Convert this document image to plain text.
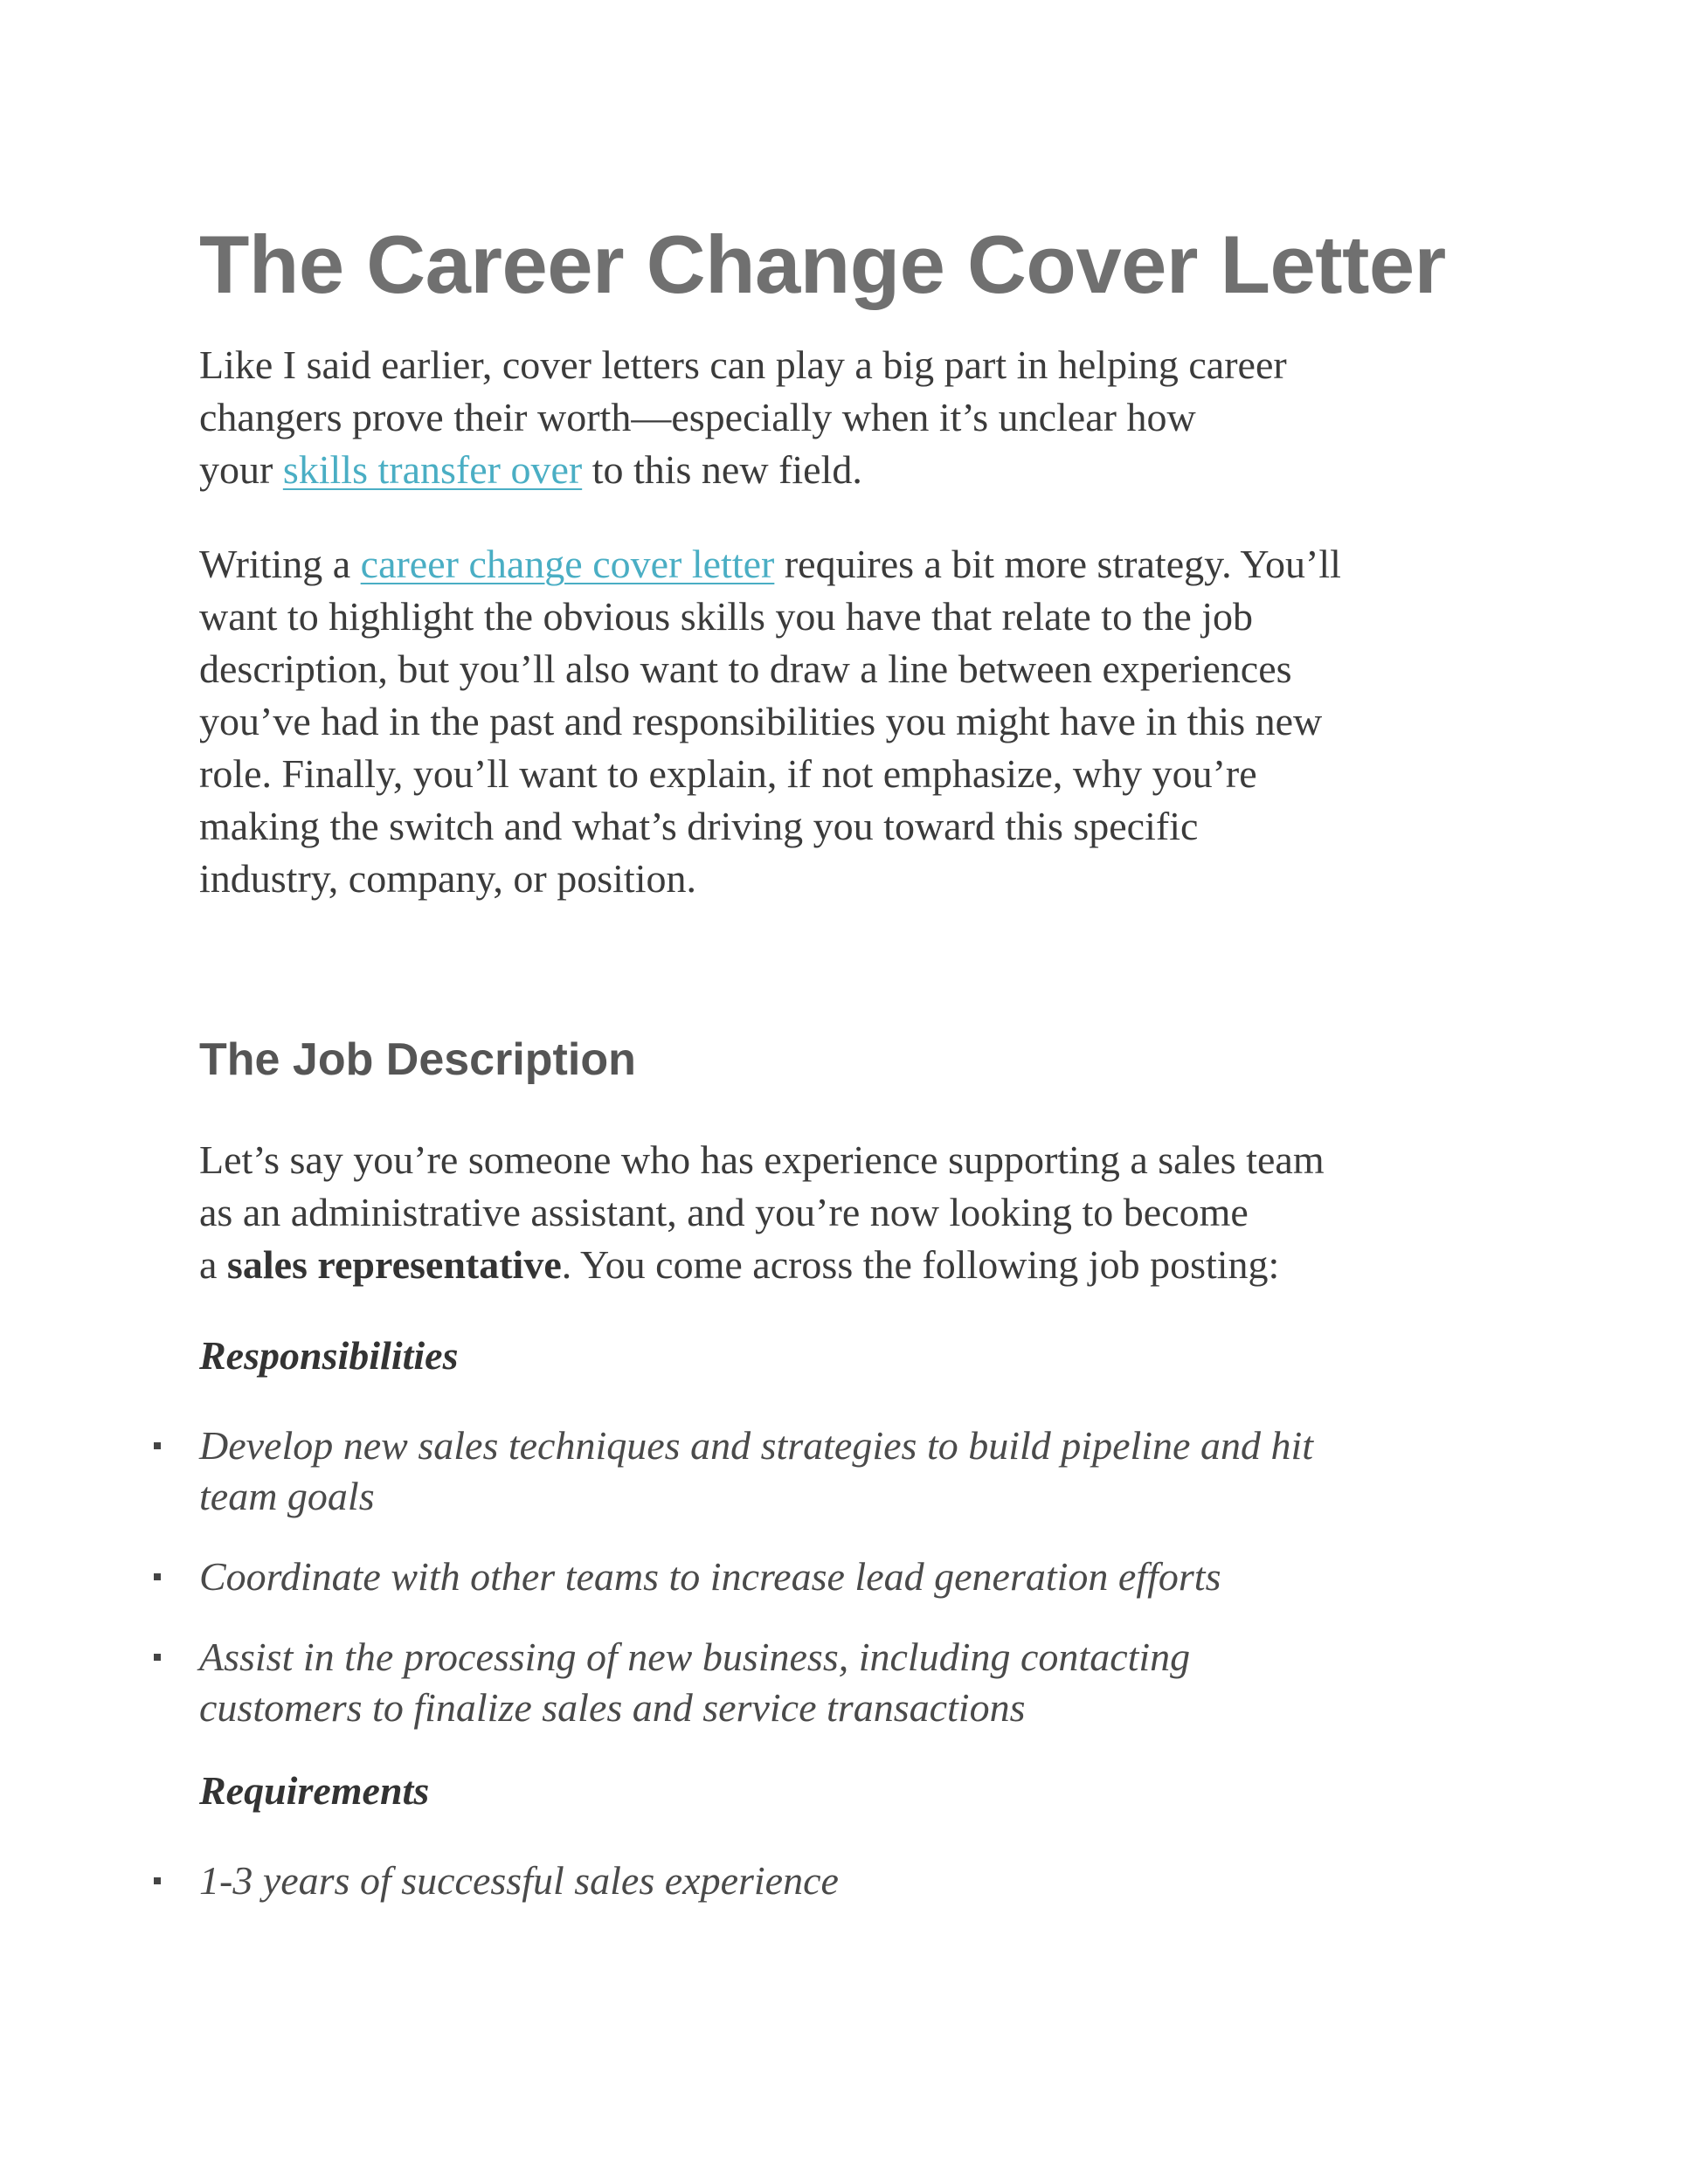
The Career Change Cover Letter

Like I said earlier, cover letters can play a big part in helping career
changers prove their worth—especially when it’s unclear how
your skills transfer over to this new field.

Writing a career change cover letter requires a bit more strategy. You’ll
want to highlight the obvious skills you have that relate to the job
description, but you’ll also want to draw a line between experiences
you’ve had in the past and responsibilities you might have in this new
role. Finally, you’ll want to explain, if not emphasize, why you’re
making the switch and what’s driving you toward this specific
industry, company, or position.

The Job Description

Let’s say you’re someone who has experience supporting a sales team
as an administrative assistant, and you’re now looking to become
a sales representative. You come across the following job posting:

Responsibilities

Develop new sales techniques and strategies to build pipeline and hit
team goals
Coordinate with other teams to increase lead generation efforts
Assist in the processing of new business, including contacting
customers to finalize sales and service transactions

Requirements

1-3 years of successful sales experience
